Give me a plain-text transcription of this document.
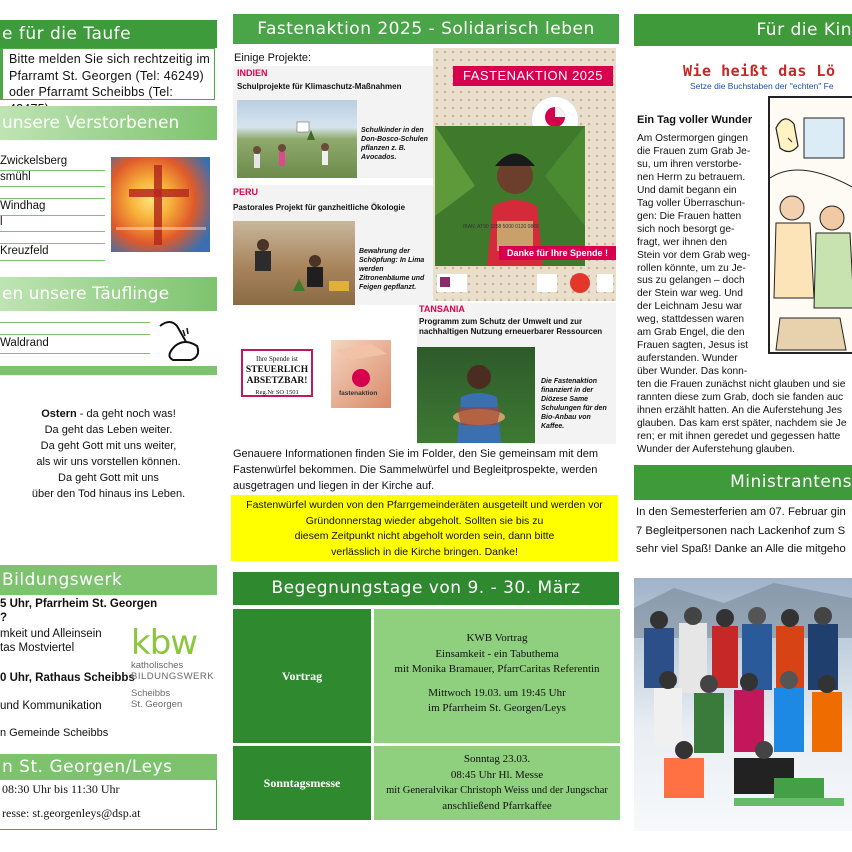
e für die Taufe
Bitte melden Sie sich rechtzeitig im
Pfarramt St. Georgen (Tel: 46249)
oder Pfarramt Scheibbs (Tel:
unsere Verstorbenen
Zwickelsberg
smühl
Windhag
l
Kreuzfeld
en unsere Täuflinge
Waldrand
Ostern - da geht noch was!
Da geht das Leben weiter.
Da geht Gott mit uns weiter,
als wir uns vorstellen können.
Da geht Gott mit uns
über den Tod hinaus ins Leben.
Bildungswerk
5 Uhr, Pfarrheim St. Georgen
?
mkeit und Alleinsein
tas Mostviertel
0 Uhr, Rathaus Scheibbs
und Kommunikation
n Gemeinde Scheibbs
kbw
katholisches
BILDUNGSWERK
Scheibbs
St. Georgen
n St. Georgen/Leys
08:30 Uhr bis 11:30 Uhr
resse: st.georgenleys@dsp.at
Fastenaktion 2025 - Solidarisch leben
Einige Projekte:
INDIEN
Schulprojekte für Klimaschutz-Maßnahmen
Schulkinder in den Don-Bosco-Schulen pflanzen z. B. Avocados.
PERU
Pastorales Projekt für ganzheitliche Ökologie
Bewahrung der Schöpfung: In Lima werden Zitronenbäume und Feigen gepflanzt.
FASTENAKTION 2025
IBAN: AT90 3258 5000 0120 0866
Danke für Ihre Spende !
TANSANIA
Programm zum Schutz der Umwelt und zur nachhaltigen Nutzung erneuerbarer Ressourcen
Die Fastenaktion finanziert in der Diözese Same Schulungen für den Bio-Anbau von Kaffee.
Ihre Spende ist
STEUERLICH
ABSETZBAR!
Reg.Nr SO 1501	fastenaktion
Genauere Informationen finden Sie im Folder, den Sie gemeinsam mit dem Fastenwürfel bekommen. Die Sammelwürfel und Begleitprospekte, werden ausgetragen und liegen in der Kirche auf.
Fastenwürfel wurden von den Pfarrgemeinderäten ausgeteilt und werden vor
Gründonnerstag wieder abgeholt. Sollten sie bis zu
diesem Zeitpunkt nicht abgeholt worden sein, dann bitte
verlässlich in die Kirche bringen. Danke!
Begegnungstage von 9. - 30. März
Vortrag
KWB Vortrag
Einsamkeit - ein Tabuthema
mit Monika Bramauer, PfarrCaritas Referentin
Mittwoch 19.03. um 19:45 Uhr
im Pfarrheim St. Georgen/Leys
Sonntagsmesse
Sonntag 23.03.
08:45 Uhr Hl. Messe
mit Generalvikar Christoph Weiss und der Jungschar
anschließend Pfarrkaffee
Für die Kin
Wie heißt das Lö
Setze die Buchstaben der "echten" Fe
Ein Tag voller Wunder
Am Ostermorgen gingen
die Frauen zum Grab Je-
su, um ihren verstorbe-
nen Herrn zu betrauern.
Und damit begann ein
Tag voller Überraschun-
gen: Die Frauen hatten
sich noch besorgt ge-
fragt, wer ihnen den
Stein vor dem Grab weg-
rollen könnte, um zu Je-
sus zu gelangen – doch
der Stein war weg. Und
der Leichnam Jesu war
weg, stattdessen waren
am Grab Engel, die den
Frauen sagten, Jesus ist
auferstanden. Wunder
über Wunder. Das konn-
ten die Frauen zunächst nicht glauben und sie
rannten diese zum Grab, doch sie fanden auc
ihnen erzählt hatten. An die Auferstehung Jes
glauben. Das kam erst später, nachdem sie Je
ren; er mit ihnen geredet und gegessen hatte
Wunder der Auferstehung glauben.
Ministrantens
In den Semesterferien am 07. Februar gin
7 Begleitpersonen nach Lackenhof zum S
sehr viel Spaß! Danke an Alle die mitgeho
